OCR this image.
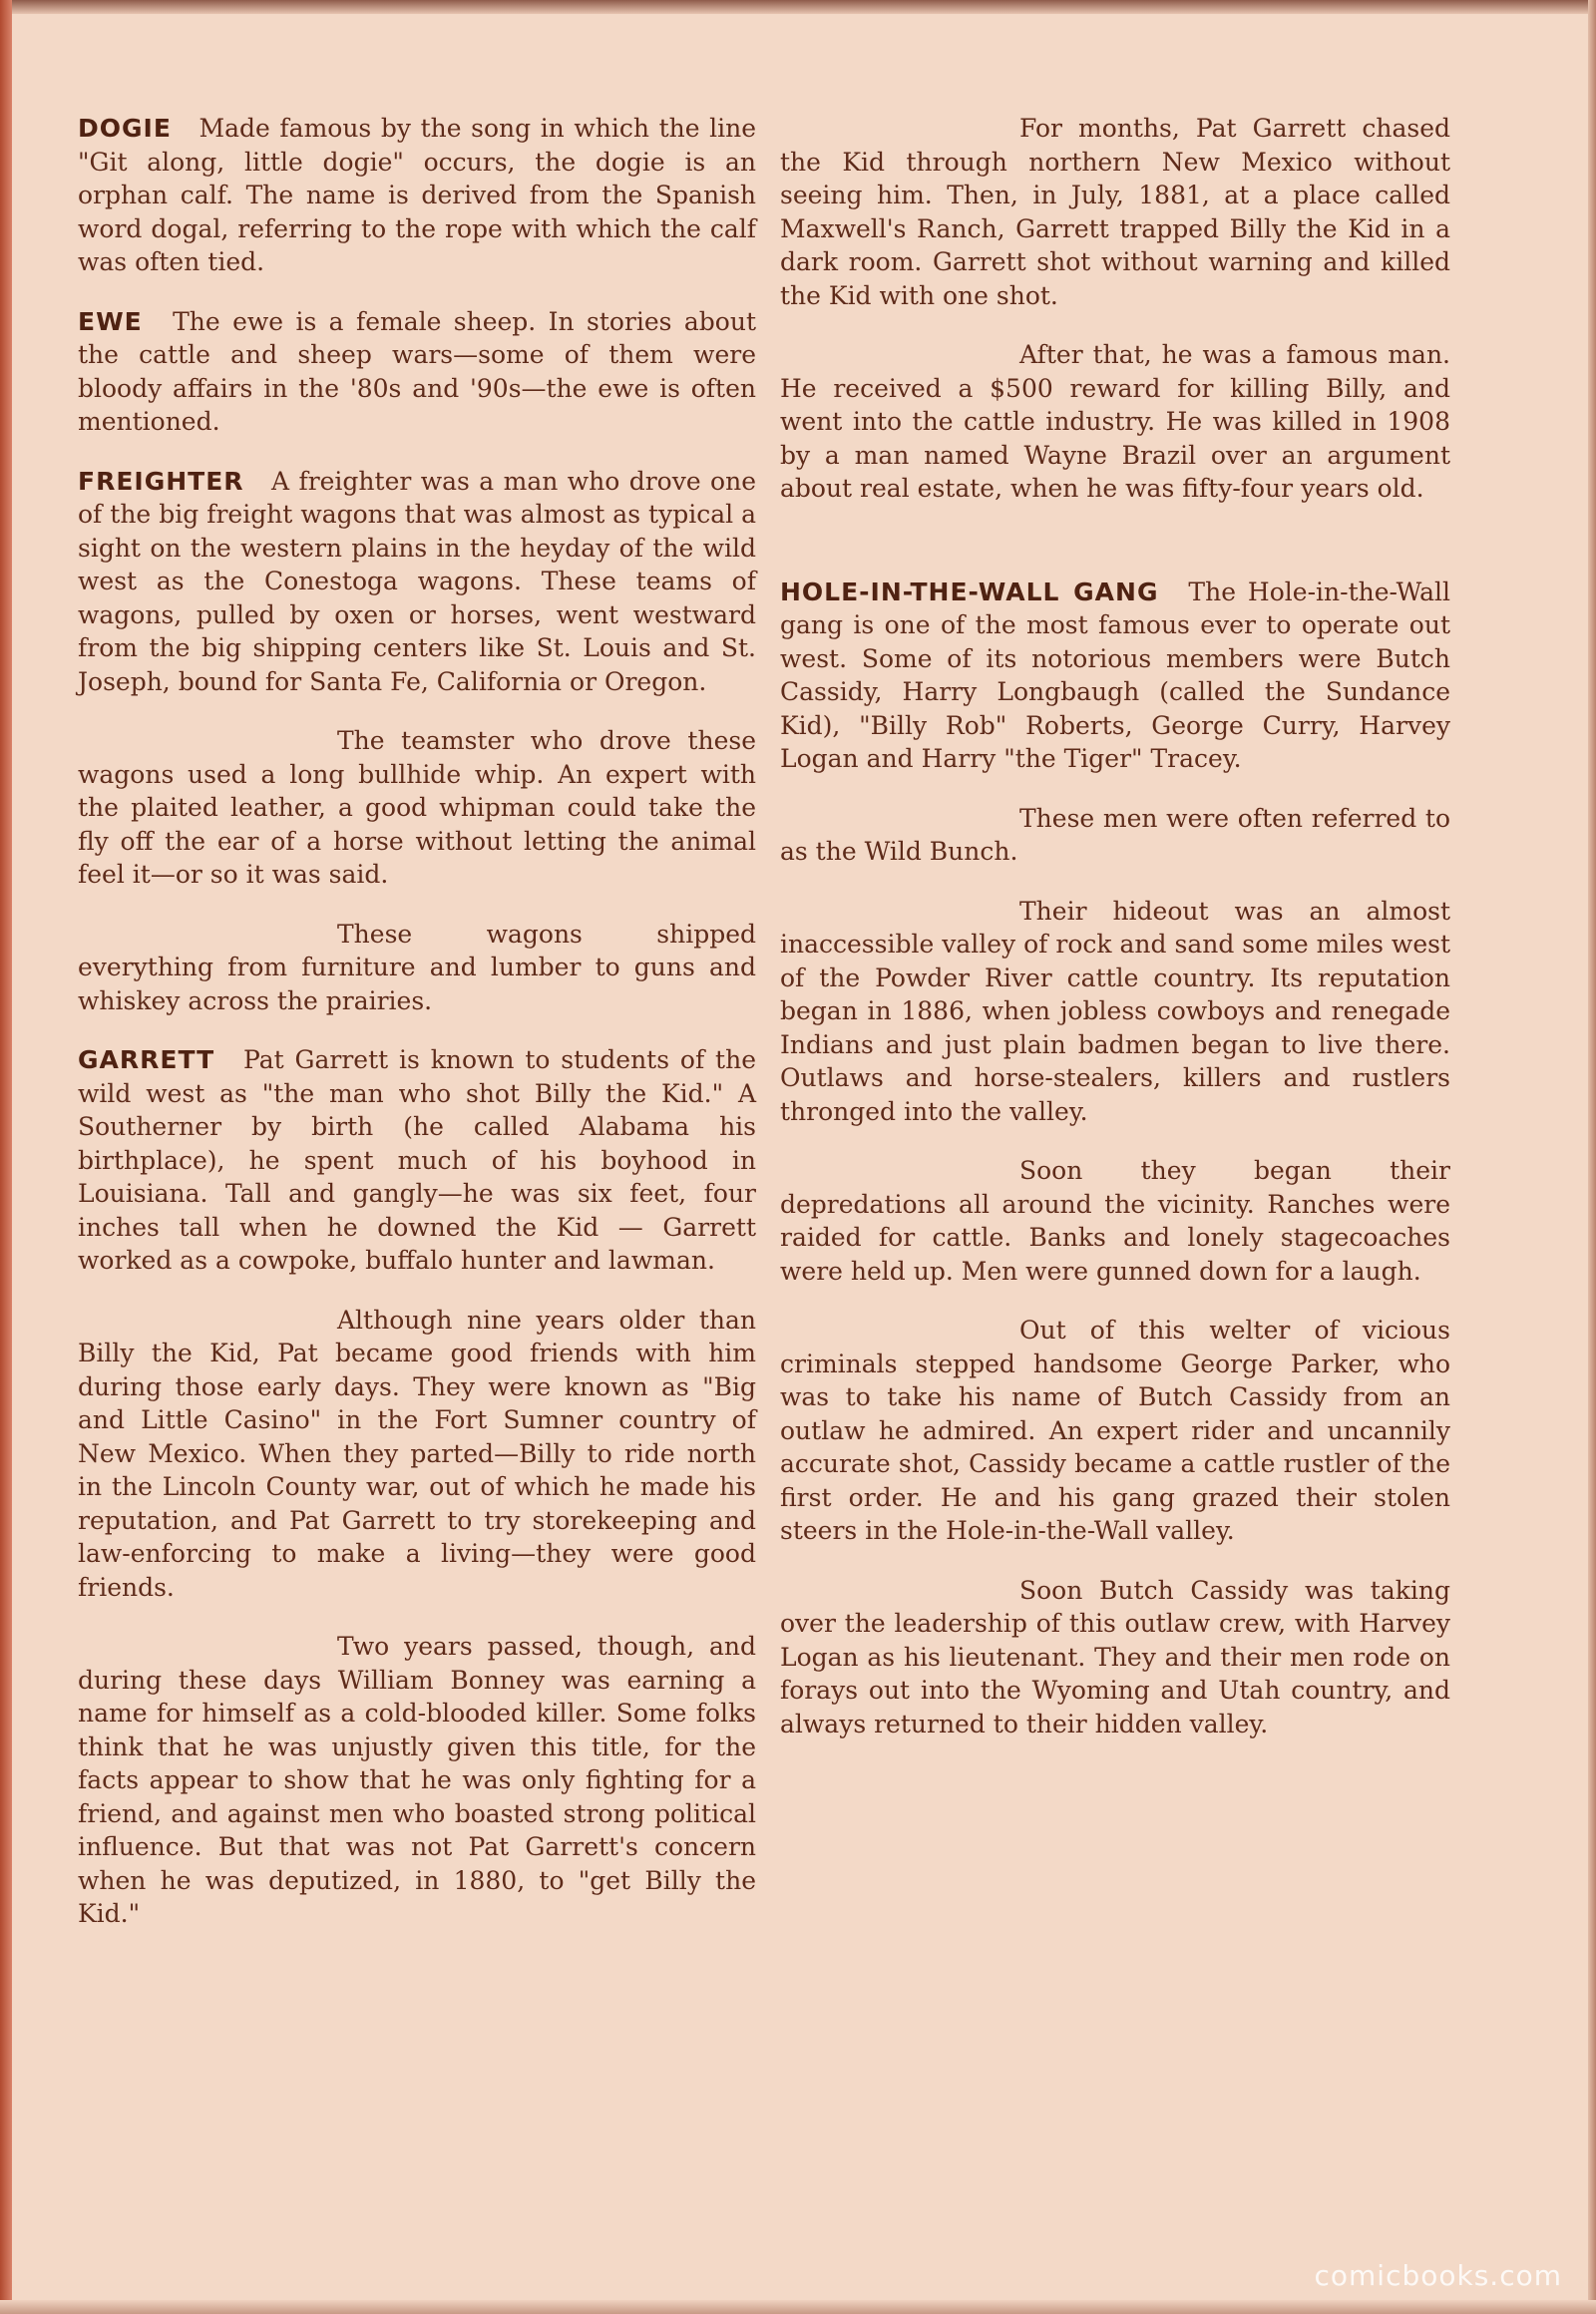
DOGIE Made famous by the song in which the line "Git along, little dogie" occurs, the dogie is an orphan calf. The name is derived from the Spanish word dogal, referring to the rope with which the calf was often tied.

EWE The ewe is a female sheep. In stories about the cattle and sheep wars—some of them were bloody affairs in the '80s and '90s—the ewe is often mentioned.

FREIGHTER A freighter was a man who drove one of the big freight wagons that was almost as typical a sight on the western plains in the heyday of the wild west as the Conestoga wagons. These teams of wagons, pulled by oxen or horses, went westward from the big shipping centers like St. Louis and St. Joseph, bound for Santa Fe, California or Oregon.

The teamster who drove these wagons used a long bullhide whip. An expert with the plaited leather, a good whipman could take the fly off the ear of a horse without letting the animal feel it—or so it was said.

These wagons shipped everything from furniture and lumber to guns and whiskey across the prairies.

GARRETT Pat Garrett is known to students of the wild west as "the man who shot Billy the Kid." A Southerner by birth (he called Alabama his birthplace), he spent much of his boyhood in Louisiana. Tall and gangly—he was six feet, four inches tall when he downed the Kid — Garrett worked as a cowpoke, buffalo hunter and lawman.

Although nine years older than Billy the Kid, Pat became good friends with him during those early days. They were known as "Big and Little Casino" in the Fort Sumner country of New Mexico. When they parted—Billy to ride north in the Lincoln County war, out of which he made his reputation, and Pat Garrett to try storekeeping and law-enforcing to make a living—they were good friends.

Two years passed, though, and during these days William Bonney was earning a name for himself as a cold-blooded killer. Some folks think that he was unjustly given this title, for the facts appear to show that he was only fighting for a friend, and against men who boasted strong political influence. But that was not Pat Garrett's concern when he was deputized, in 1880, to "get Billy the Kid."

For months, Pat Garrett chased the Kid through northern New Mexico without seeing him. Then, in July, 1881, at a place called Maxwell's Ranch, Garrett trapped Billy the Kid in a dark room. Garrett shot without warning and killed the Kid with one shot.

After that, he was a famous man. He received a $500 reward for killing Billy, and went into the cattle industry. He was killed in 1908 by a man named Wayne Brazil over an argument about real estate, when he was fifty-four years old.

HOLE-IN-THE-WALL GANG The Hole-in-the-Wall gang is one of the most famous ever to operate out west. Some of its notorious members were Butch Cassidy, Harry Longbaugh (called the Sundance Kid), "Billy Rob" Roberts, George Curry, Harvey Logan and Harry "the Tiger" Tracey.

These men were often referred to as the Wild Bunch.

Their hideout was an almost inaccessible valley of rock and sand some miles west of the Powder River cattle country. Its reputation began in 1886, when jobless cowboys and renegade Indians and just plain badmen began to live there. Outlaws and horse-stealers, killers and rustlers thronged into the valley.

Soon they began their depredations all around the vicinity. Ranches were raided for cattle. Banks and lonely stagecoaches were held up. Men were gunned down for a laugh.

Out of this welter of vicious criminals stepped handsome George Parker, who was to take his name of Butch Cassidy from an outlaw he admired. An expert rider and uncannily accurate shot, Cassidy became a cattle rustler of the first order. He and his gang grazed their stolen steers in the Hole-in-the-Wall valley.

Soon Butch Cassidy was taking over the leadership of this outlaw crew, with Harvey Logan as his lieutenant. They and their men rode on forays out into the Wyoming and Utah country, and always returned to their hidden valley.

comicbooks.com
